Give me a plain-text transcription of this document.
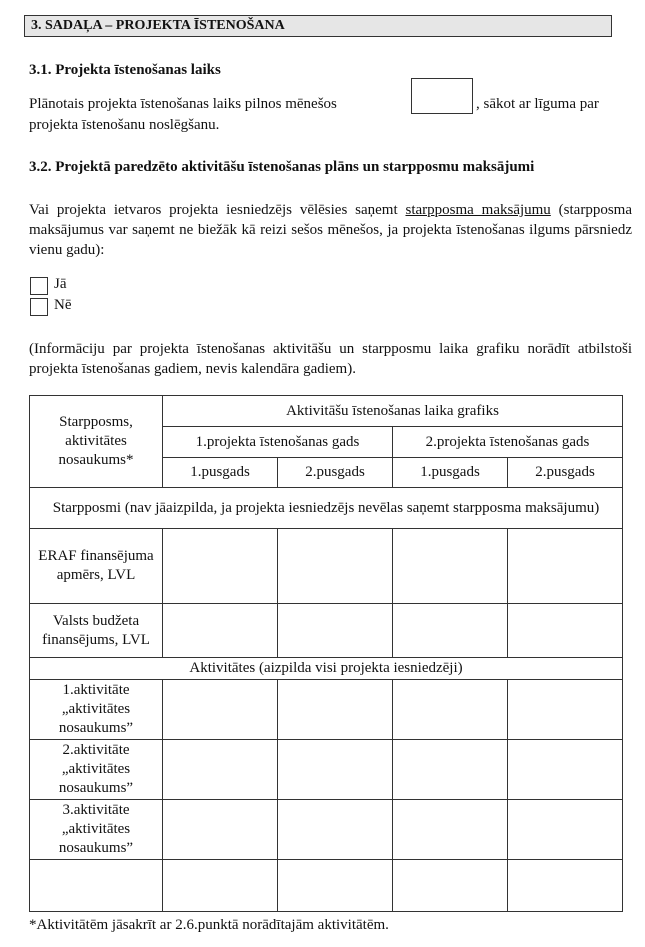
3. SADAĻA – PROJEKTA ĪSTENOŠANA
3.1. Projekta īstenošanas laiks
Plānotais projekta īstenošanas laiks pilnos mēnešos	, sākot ar līguma par
projekta īstenošanu noslēgšanu.
3.2. Projektā paredzēto aktivitāšu īstenošanas plāns un starpposmu maksājumi
Vai projekta ietvaros projekta iesniedzējs vēlēsies saņemt starpposma maksājumu (starpposma maksājumus var saņemt ne biežāk kā reizi sešos mēnešos, ja projekta īstenošanas ilgums pārsniedz vienu gadu):
Jā
Nē
(Informāciju par projekta īstenošanas aktivitāšu un starpposmu laika grafiku norādīt atbilstoši projekta īstenošanas gadiem, nevis kalendāra gadiem).
Starpposms, aktivitātes nosaukums*	Aktivitāšu īstenošanas laika grafiks			
	1.projekta īstenošanas gads		2.projekta īstenošanas gads	
	1.pusgads	2.pusgads	1.pusgads	2.pusgads
Starpposmi (nav jāaizpilda, ja projekta iesniedzējs nevēlas saņemt starpposma maksājumu)				
ERAF finansējuma apmērs, LVL				
Valsts budžeta finansējums, LVL				
Aktivitātes (aizpilda visi projekta iesniedzēji)				
1.aktivitāte „aktivitātes nosaukums”				
2.aktivitāte „aktivitātes nosaukums”				
3.aktivitāte „aktivitātes nosaukums”				

*Aktivitātēm jāsakrīt ar 2.6.punktā norādītajām aktivitātēm.
